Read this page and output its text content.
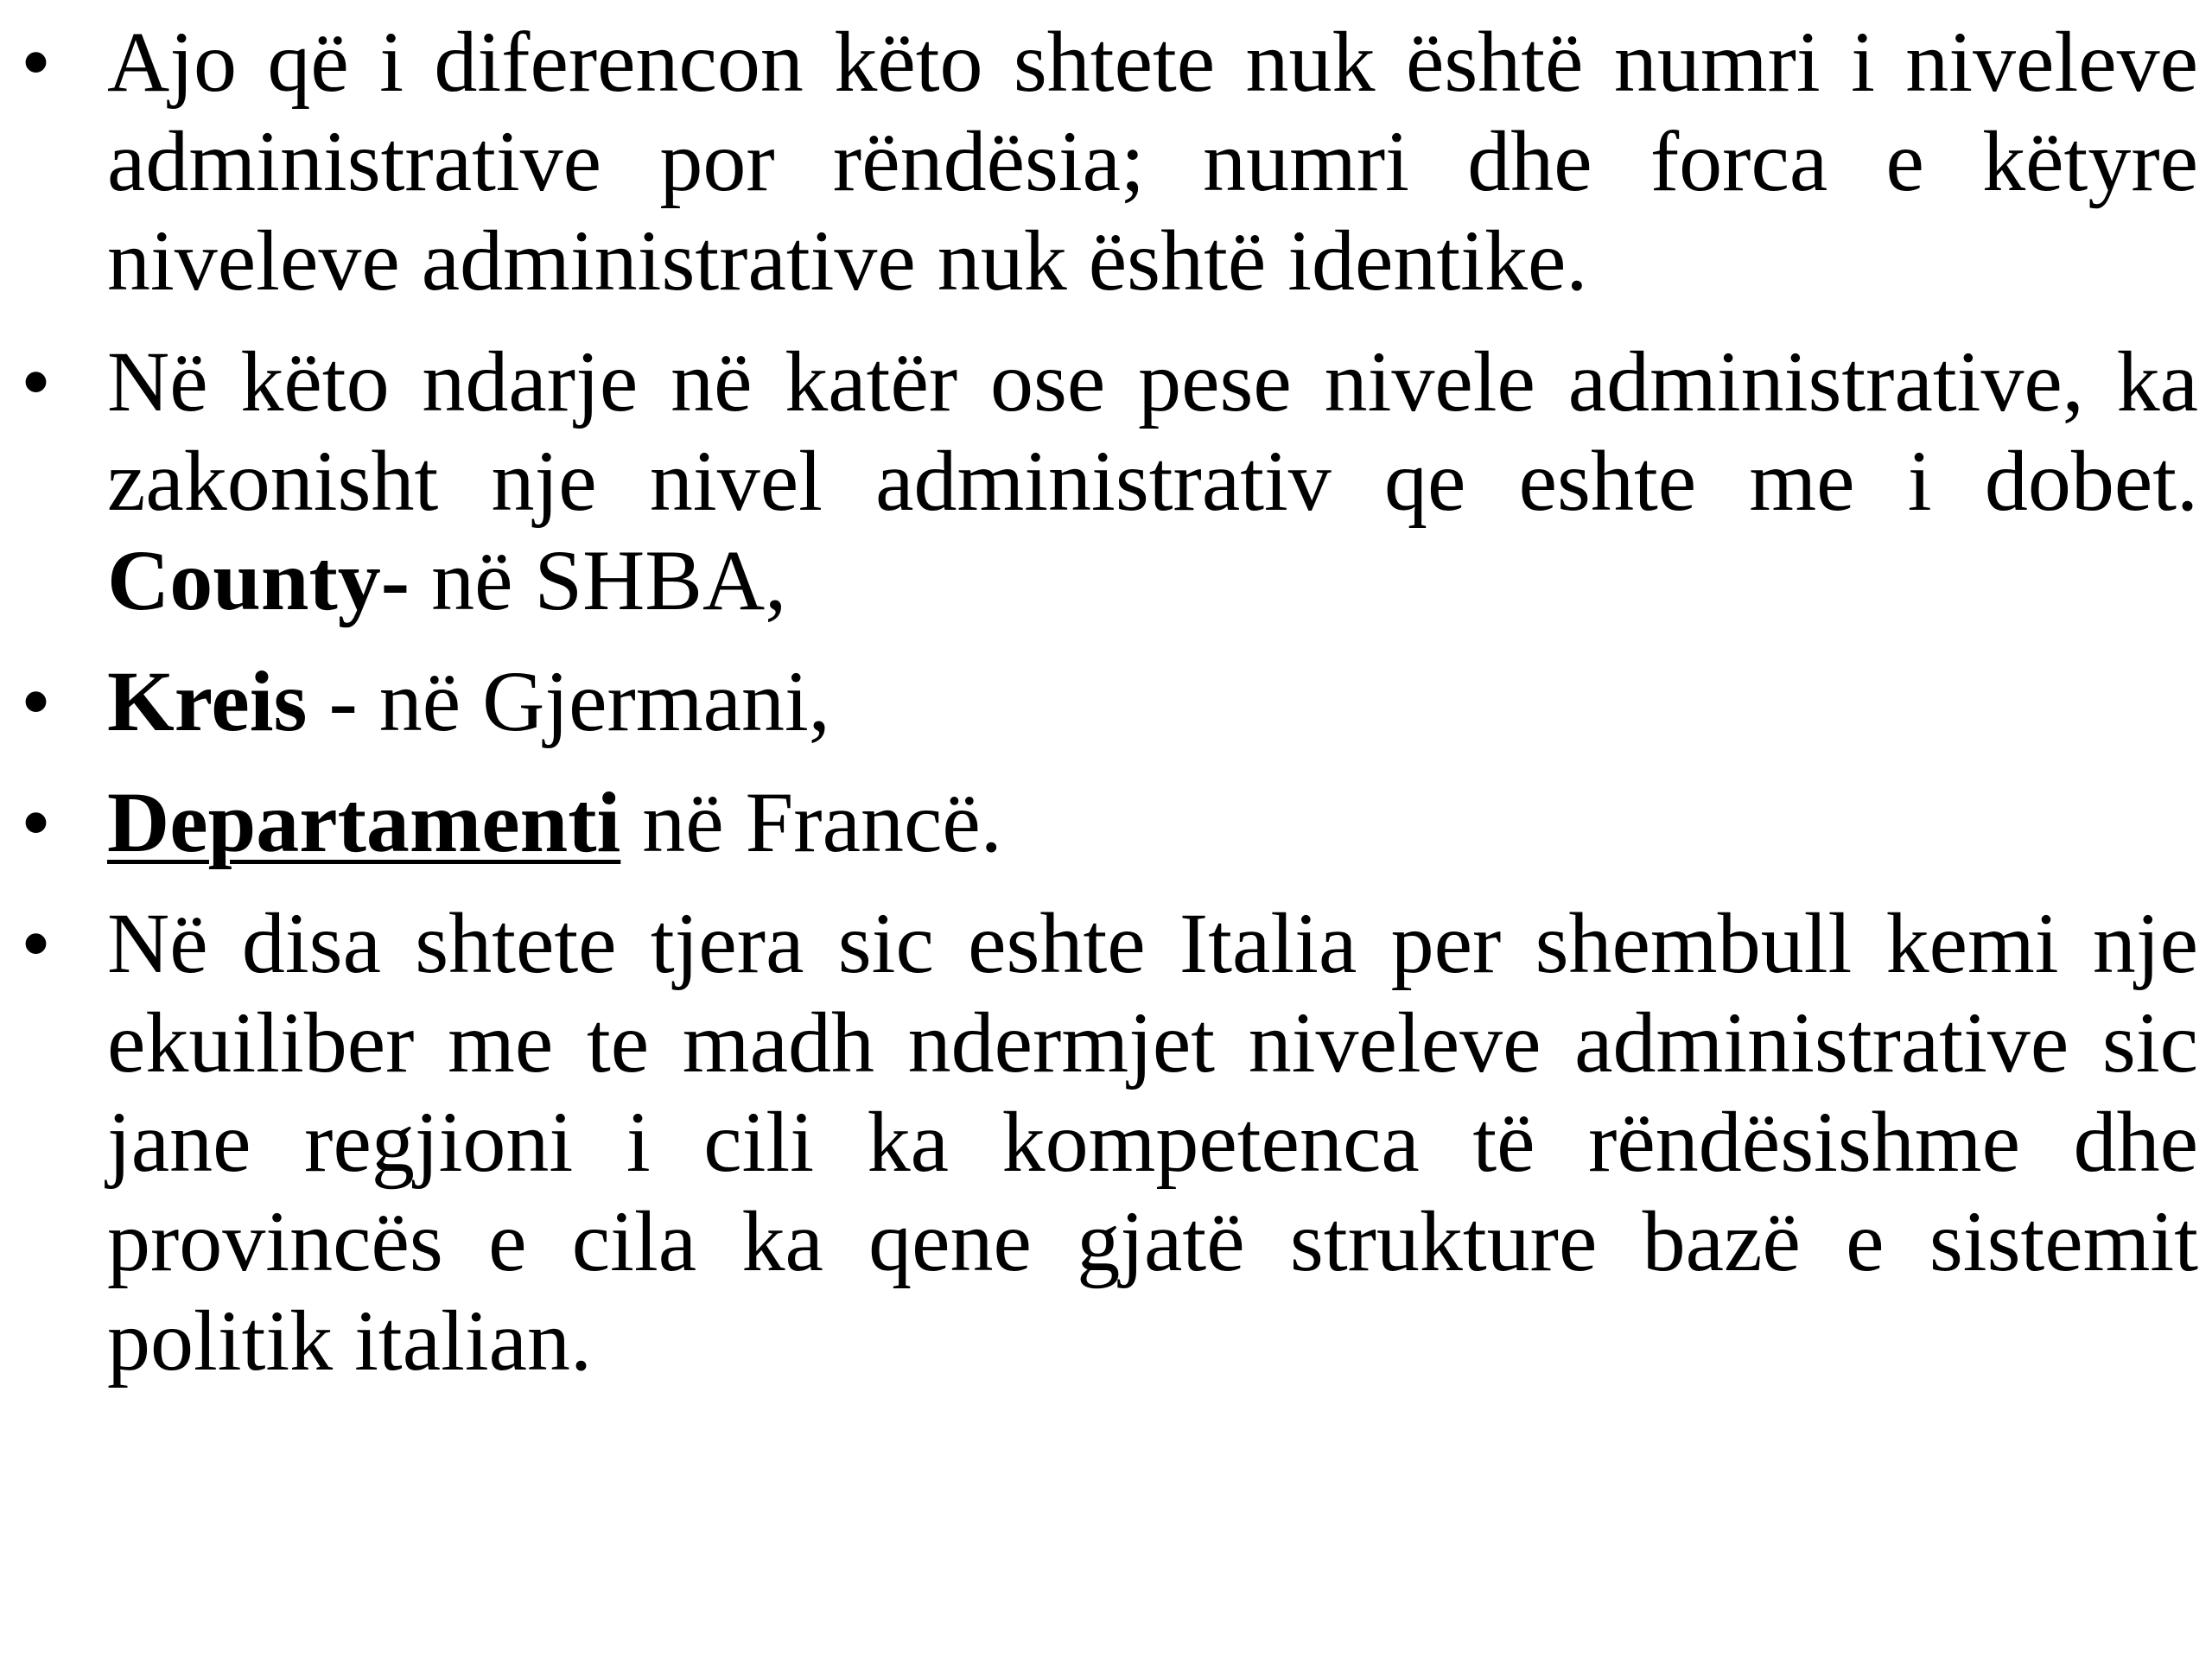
• Ajo që i diferencon këto shtete nuk është numri i niveleve administrative por rëndësia; numri dhe forca e këtyre niveleve administrative nuk është identike.
• Në këto ndarje në katër ose pese nivele administrative, ka zakonisht nje nivel administrativ qe eshte me i dobet. County- në SHBA,
• Kreis - në Gjermani,
• Departamenti në Francë.
• Në disa shtete tjera sic eshte Italia per shembull kemi nje ekuiliber me te madh ndermjet niveleve administrative sic jane regjioni i cili ka kompetenca të rëndësishme dhe provincës e cila ka qene gjatë strukture bazë e sistemit politik italian.
